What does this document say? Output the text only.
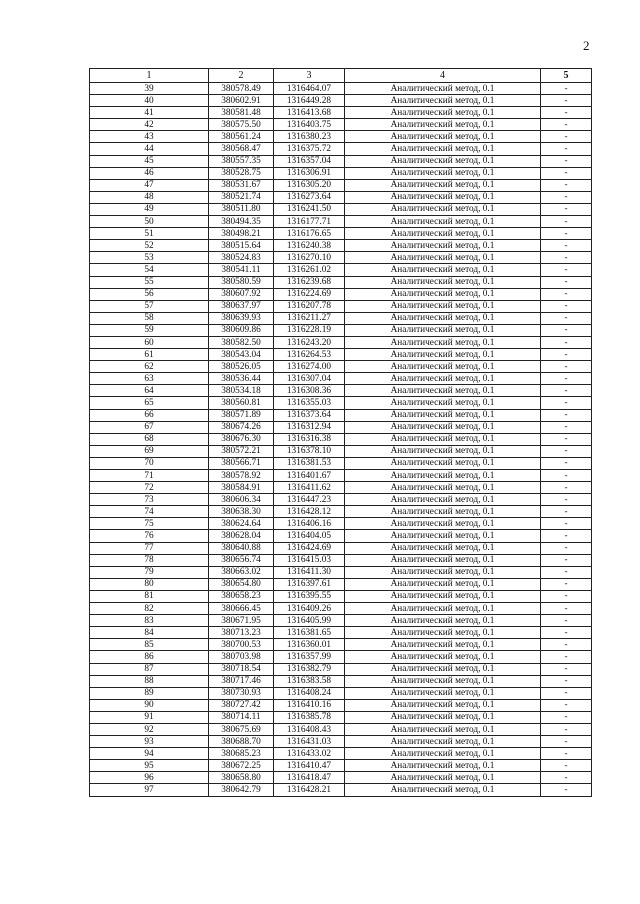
2
1	2	3	4	5
39	380578.49	1316464.07	Аналитический метод, 0.1	-
40	380602.91	1316449.28	Аналитический метод, 0.1	-
41	380581.48	1316413.68	Аналитический метод, 0.1	-
42	380575.50	1316403.75	Аналитический метод, 0.1	-
43	380561.24	1316380.23	Аналитический метод, 0.1	-
44	380568.47	1316375.72	Аналитический метод, 0.1	-
45	380557.35	1316357.04	Аналитический метод, 0.1	-
46	380528.75	1316306.91	Аналитический метод, 0.1	-
47	380531.67	1316305.20	Аналитический метод, 0.1	-
48	380521.74	1316273.64	Аналитический метод, 0.1	-
49	380511.80	1316241.50	Аналитический метод, 0.1	-
50	380494.35	1316177.71	Аналитический метод, 0.1	-
51	380498.21	1316176.65	Аналитический метод, 0.1	-
52	380515.64	1316240.38	Аналитический метод, 0.1	-
53	380524.83	1316270.10	Аналитический метод, 0.1	-
54	380541.11	1316261.02	Аналитический метод, 0.1	-
55	380580.59	1316239.68	Аналитический метод, 0.1	-
56	380607.92	1316224.69	Аналитический метод, 0.1	-
57	380637.97	1316207.78	Аналитический метод, 0.1	-
58	380639.93	1316211.27	Аналитический метод, 0.1	-
59	380609.86	1316228.19	Аналитический метод, 0.1	-
60	380582.50	1316243.20	Аналитический метод, 0.1	-
61	380543.04	1316264.53	Аналитический метод, 0.1	-
62	380526.05	1316274.00	Аналитический метод, 0.1	-
63	380536.44	1316307.04	Аналитический метод, 0.1	-
64	380534.18	1316308.36	Аналитический метод, 0.1	-
65	380560.81	1316355.03	Аналитический метод, 0.1	-
66	380571.89	1316373.64	Аналитический метод, 0.1	-
67	380674.26	1316312.94	Аналитический метод, 0.1	-
68	380676.30	1316316.38	Аналитический метод, 0.1	-
69	380572.21	1316378.10	Аналитический метод, 0.1	-
70	380566.71	1316381.53	Аналитический метод, 0.1	-
71	380578.92	1316401.67	Аналитический метод, 0.1	-
72	380584.91	1316411.62	Аналитический метод, 0.1	-
73	380606.34	1316447.23	Аналитический метод, 0.1	-
74	380638.30	1316428.12	Аналитический метод, 0.1	-
75	380624.64	1316406.16	Аналитический метод, 0.1	-
76	380628.04	1316404.05	Аналитический метод, 0.1	-
77	380640.88	1316424.69	Аналитический метод, 0.1	-
78	380656.74	1316415.03	Аналитический метод, 0.1	-
79	380663.02	1316411.30	Аналитический метод, 0.1	-
80	380654.80	1316397.61	Аналитический метод, 0.1	-
81	380658.23	1316395.55	Аналитический метод, 0.1	-
82	380666.45	1316409.26	Аналитический метод, 0.1	-
83	380671.95	1316405.99	Аналитический метод, 0.1	-
84	380713.23	1316381.65	Аналитический метод, 0.1	-
85	380700.53	1316360.01	Аналитический метод, 0.1	-
86	380703.98	1316357.99	Аналитический метод, 0.1	-
87	380718.54	1316382.79	Аналитический метод, 0.1	-
88	380717.46	1316383.58	Аналитический метод, 0.1	-
89	380730.93	1316408.24	Аналитический метод, 0.1	-
90	380727.42	1316410.16	Аналитический метод, 0.1	-
91	380714.11	1316385.78	Аналитический метод, 0.1	-
92	380675.69	1316408.43	Аналитический метод, 0.1	-
93	380688.70	1316431.03	Аналитический метод, 0.1	-
94	380685.23	1316433.02	Аналитический метод, 0.1	-
95	380672.25	1316410.47	Аналитический метод, 0.1	-
96	380658.80	1316418.47	Аналитический метод, 0.1	-
97	380642.79	1316428.21	Аналитический метод, 0.1	-
